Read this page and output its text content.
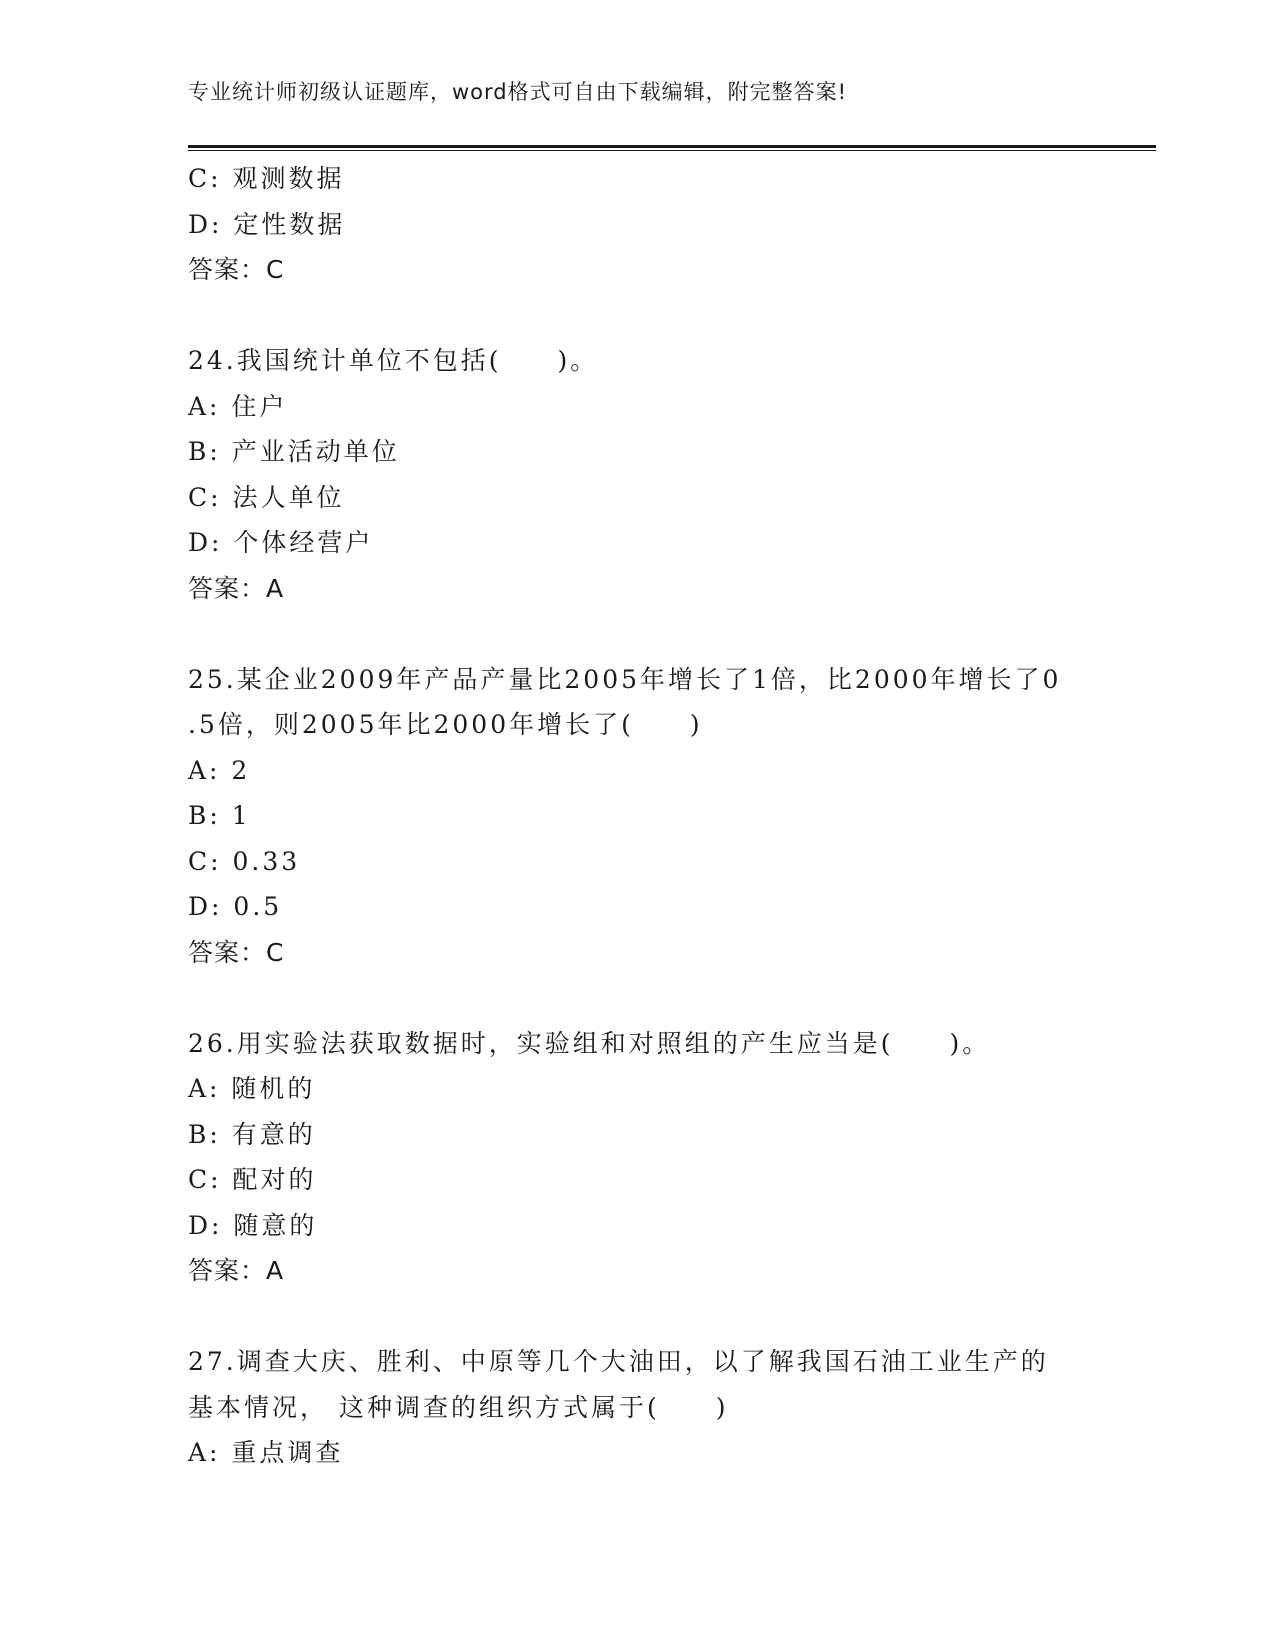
专业统计师初级认证题库，word格式可自由下载编辑，附完整答案!
C: 观测数据
D: 定性数据
答案：C
24.我国统计单位不包括(　　)。
A: 住户
B: 产业活动单位
C: 法人单位
D: 个体经营户
答案：A
25.某企业2009年产品产量比2005年增长了1倍，比2000年增长了0
.5倍，则2005年比2000年增长了(　　)
A: 2
B: 1
C: 0.33
D: 0.5
答案：C
26.用实验法获取数据时，实验组和对照组的产生应当是(　　)。
A: 随机的
B: 有意的
C: 配对的
D: 随意的
答案：A
27.调查大庆、胜利、中原等几个大油田，以了解我国石油工业生产的
基本情况， 这种调查的组织方式属于(　　)
A: 重点调查
